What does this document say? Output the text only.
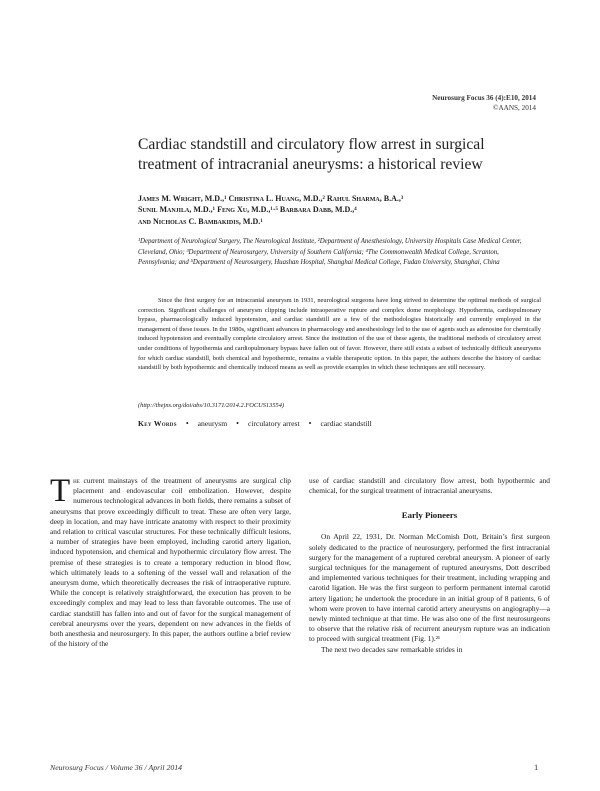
Neurosurg Focus 36 (4):E10, 2014
©AANS, 2014
Cardiac standstill and circulatory flow arrest in surgical treatment of intracranial aneurysms: a historical review
James M. Wright, M.D.,¹ Christina L. Huang, M.D.,² Rahul Sharma, B.A.,³
Sunil Manjila, M.D.,¹ Feng Xu, M.D.,¹·⁵ Barbara Dabb, M.D.,⁴
and Nicholas C. Bambakidis, M.D.¹
¹Department of Neurological Surgery, The Neurological Institute, ²Department of Anesthesiology, University Hospitals Case Medical Center, Cleveland, Ohio; ³Department of Neurosurgery, University of Southern California; ⁴The Commonwealth Medical College, Scranton, Pennsylvania; and ⁵Department of Neurosurgery, Huashan Hospital, Shanghai Medical College, Fudan University, Shanghai, China
Since the first surgery for an intracranial aneurysm in 1931, neurological surgeons have long strived to determine the optimal methods of surgical correction. Significant challenges of aneurysm clipping include intraoperative rupture and complex dome morphology. Hypothermia, cardiopulmonary bypass, pharmacologically induced hypotension, and cardiac standstill are a few of the methodologies historically and currently employed in the management of these issues. In the 1980s, significant advances in pharmacology and anesthesiology led to the use of agents such as adenosine for chemically induced hypotension and eventually complete circulatory arrest. Since the institution of the use of these agents, the traditional methods of circulatory arrest under conditions of hypothermia and cardiopulmonary bypass have fallen out of favor. However, there still exists a subset of technically difficult aneurysms for which cardiac standstill, both chemical and hypothermic, remains a viable therapeutic option. In this paper, the authors describe the history of cardiac standstill by both hypothermic and chemically induced means as well as provide examples in which these techniques are still necessary.
(http://thejns.org/doi/abs/10.3171/2014.2.FOCUS13554)
Key Words • aneurysm • circulatory arrest • cardiac standstill
The current mainstays of the treatment of aneurysms are surgical clip placement and endovascular coil embolization. However, despite numerous technological advances in both fields, there remains a subset of aneurysms that prove exceedingly difficult to treat. These are often very large, deep in location, and may have intricate anatomy with respect to their proximity and relation to critical vascular structures. For these technically difficult lesions, a number of strategies have been employed, including carotid artery ligation, induced hypotension, and chemical and hypothermic circulatory flow arrest. The premise of these strategies is to create a temporary reduction in blood flow, which ultimately leads to a softening of the vessel wall and relaxation of the aneurysm dome, which theoretically decreases the risk of intraoperative rupture. While the concept is relatively straightforward, the execution has proven to be exceedingly complex and may lead to less than favorable outcomes. The use of cardiac standstill has fallen into and out of favor for the surgical management of cerebral aneurysms over the years, dependent on new advances in the fields of both anesthesia and neurosurgery. In this paper, the authors outline a brief review of the history of the

use of cardiac standstill and circulatory flow arrest, both hypothermic and chemical, for the surgical treatment of intracranial aneurysms.

Early Pioneers

On April 22, 1931, Dr. Norman McComish Dott, Britain’s first surgeon solely dedicated to the practice of neurosurgery, performed the first intracranial surgery for the management of a ruptured cerebral aneurysm. A pioneer of early surgical techniques for the management of ruptured aneurysms, Dott described and implemented various techniques for their treatment, including wrapping and carotid ligation. He was the first surgeon to perform permanent internal carotid artery ligation; he undertook the procedure in an initial group of 8 patients, 6 of whom were proven to have internal carotid artery aneurysms on angiography—a newly minted technique at that time. He was also one of the first neurosurgeons to observe that the relative risk of recurrent aneurysm rupture was an indication to proceed with surgical treatment (Fig. 1).²¹

The next two decades saw remarkable strides in

Neurosurg Focus / Volume 36 / April 2014	1
